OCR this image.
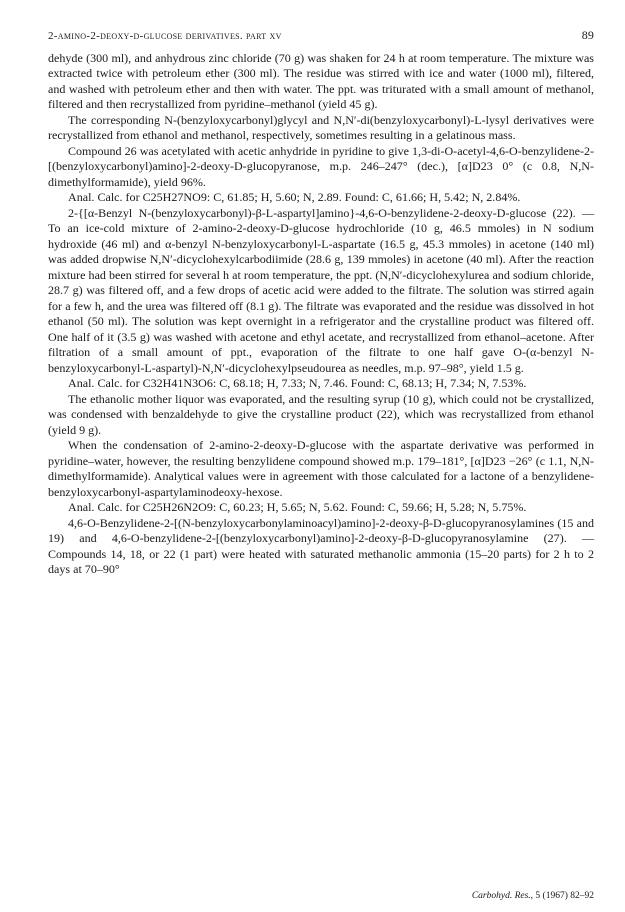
2-amino-2-deoxy-d-glucose derivatives. part xv	89

dehyde (300 ml), and anhydrous zinc chloride (70 g) was shaken for 24 h at room temperature. The mixture was extracted twice with petroleum ether (300 ml). The residue was stirred with ice and water (1000 ml), filtered, and washed with petroleum ether and then with water. The ppt. was triturated with a small amount of methanol, filtered and then recrystallized from pyridine–methanol (yield 45 g).

The corresponding N-(benzyloxycarbonyl)glycyl and N,N′-di(benzyloxycarbonyl)-L-lysyl derivatives were recrystallized from ethanol and methanol, respectively, sometimes resulting in a gelatinous mass.

Compound 26 was acetylated with acetic anhydride in pyridine to give 1,3-di-O-acetyl-4,6-O-benzylidene-2-[(benzyloxycarbonyl)amino]-2-deoxy-D-glucopyranose, m.p. 246–247° (dec.), [α]D23 0° (c 0.8, N,N-dimethylformamide), yield 96%.

Anal. Calc. for C25H27NO9: C, 61.85; H, 5.60; N, 2.89. Found: C, 61.66; H, 5.42; N, 2.84%.

2-{[α-Benzyl N-(benzyloxycarbonyl)-β-L-aspartyl]amino}-4,6-O-benzylidene-2-deoxy-D-glucose (22). — To an ice-cold mixture of 2-amino-2-deoxy-D-glucose hydrochloride (10 g, 46.5 mmoles) in N sodium hydroxide (46 ml) and α-benzyl N-benzyloxycarbonyl-L-aspartate (16.5 g, 45.3 mmoles) in acetone (140 ml) was added dropwise N,N′-dicyclohexylcarbodiimide (28.6 g, 139 mmoles) in acetone (40 ml). After the reaction mixture had been stirred for several h at room temperature, the ppt. (N,N′-dicyclohexylurea and sodium chloride, 28.7 g) was filtered off, and a few drops of acetic acid were added to the filtrate. The solution was stirred again for a few h, and the urea was filtered off (8.1 g). The filtrate was evaporated and the residue was dissolved in hot ethanol (50 ml). The solution was kept overnight in a refrigerator and the crystalline product was filtered off. One half of it (3.5 g) was washed with acetone and ethyl acetate, and recrystallized from ethanol–acetone. After filtration of a small amount of ppt., evaporation of the filtrate to one half gave O-(α-benzyl N-benzyloxycarbonyl-L-aspartyl)-N,N′-dicyclohexylpseudourea as needles, m.p. 97–98°, yield 1.5 g.

Anal. Calc. for C32H41N3O6: C, 68.18; H, 7.33; N, 7.46. Found: C, 68.13; H, 7.34; N, 7.53%.

The ethanolic mother liquor was evaporated, and the resulting syrup (10 g), which could not be crystallized, was condensed with benzaldehyde to give the crystalline product (22), which was recrystallized from ethanol (yield 9 g).

When the condensation of 2-amino-2-deoxy-D-glucose with the aspartate derivative was performed in pyridine–water, however, the resulting benzylidene compound showed m.p. 179–181°, [α]D23 −26° (c 1.1, N,N-dimethylformamide). Analytical values were in agreement with those calculated for a lactone of a benzylidene-benzyloxycarbonyl-aspartylaminodeoxy-hexose.

Anal. Calc. for C25H26N2O9: C, 60.23; H, 5.65; N, 5.62. Found: C, 59.66; H, 5.28; N, 5.75%.

4,6-O-Benzylidene-2-[(N-benzyloxycarbonylaminoacyl)amino]-2-deoxy-β-D-glucopyranosylamines (15 and 19) and 4,6-O-benzylidene-2-[(benzyloxycarbonyl)amino]-2-deoxy-β-D-glucopyranosylamine (27). — Compounds 14, 18, or 22 (1 part) were heated with saturated methanolic ammonia (15–20 parts) for 2 h to 2 days at 70–90°

Carbohyd. Res., 5 (1967) 82–92
